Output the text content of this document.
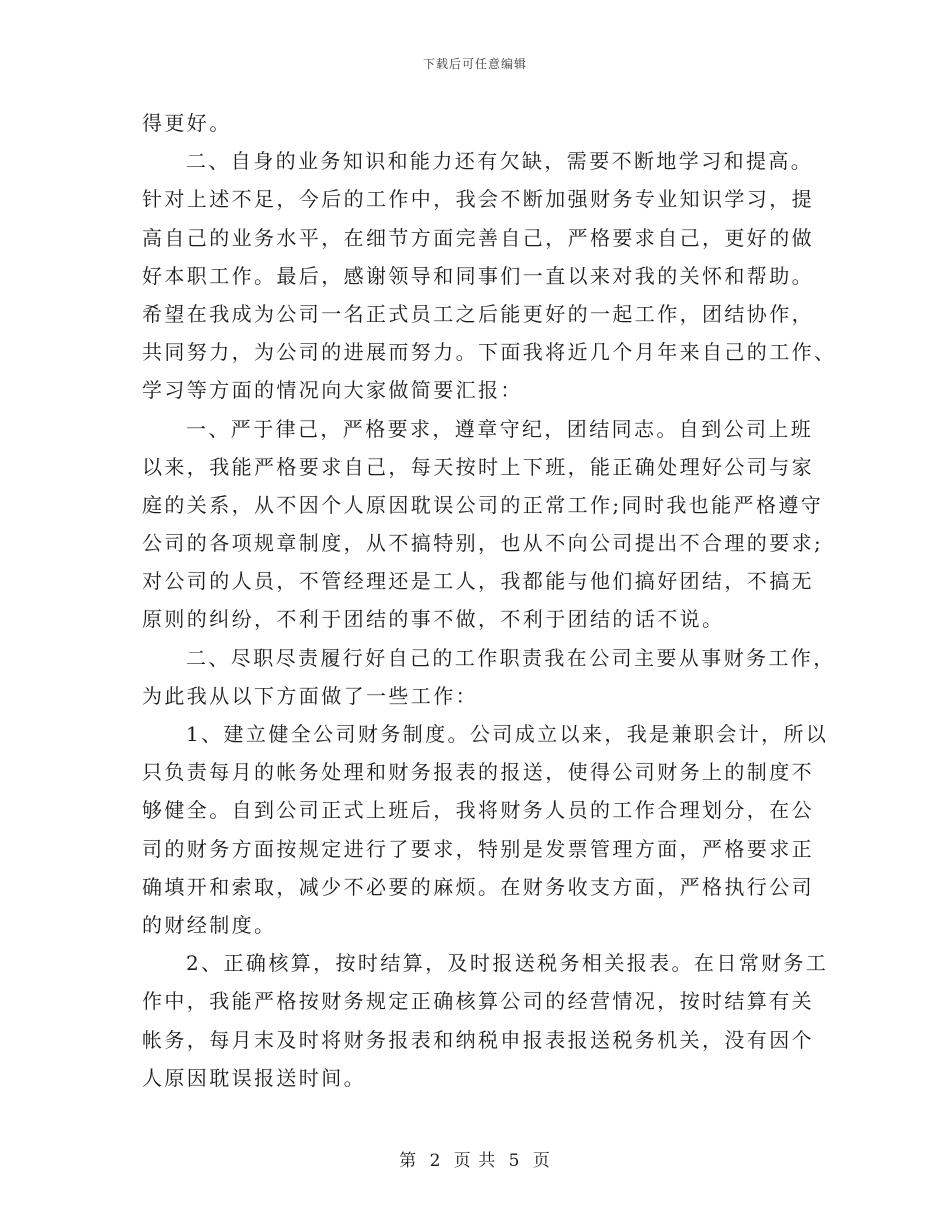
下载后可任意编辑
得更好。
二、自身的业务知识和能力还有欠缺，需要不断地学习和提高。
针对上述不足，今后的工作中，我会不断加强财务专业知识学习，提
高自己的业务水平，在细节方面完善自己，严格要求自己，更好的做
好本职工作。最后，感谢领导和同事们一直以来对我的关怀和帮助。
希望在我成为公司一名正式员工之后能更好的一起工作，团结协作，
共同努力，为公司的进展而努力。下面我将近几个月年来自己的工作、
学习等方面的情况向大家做简要汇报：
一、严于律己，严格要求，遵章守纪，团结同志。自到公司上班
以来，我能严格要求自己，每天按时上下班，能正确处理好公司与家
庭的关系，从不因个人原因耽误公司的正常工作;同时我也能严格遵守
公司的各项规章制度，从不搞特别，也从不向公司提出不合理的要求;
对公司的人员，不管经理还是工人，我都能与他们搞好团结，不搞无
原则的纠纷，不利于团结的事不做，不利于团结的话不说。
二、尽职尽责履行好自己的工作职责我在公司主要从事财务工作，
为此我从以下方面做了一些工作：
1、建立健全公司财务制度。公司成立以来，我是兼职会计，所以
只负责每月的帐务处理和财务报表的报送，使得公司财务上的制度不
够健全。自到公司正式上班后，我将财务人员的工作合理划分，在公
司的财务方面按规定进行了要求，特别是发票管理方面，严格要求正
确填开和索取，减少不必要的麻烦。在财务收支方面，严格执行公司
的财经制度。
2、正确核算，按时结算，及时报送税务相关报表。在日常财务工
作中，我能严格按财务规定正确核算公司的经营情况，按时结算有关
帐务，每月末及时将财务报表和纳税申报表报送税务机关，没有因个
人原因耽误报送时间。
第 2 页 共 5 页
